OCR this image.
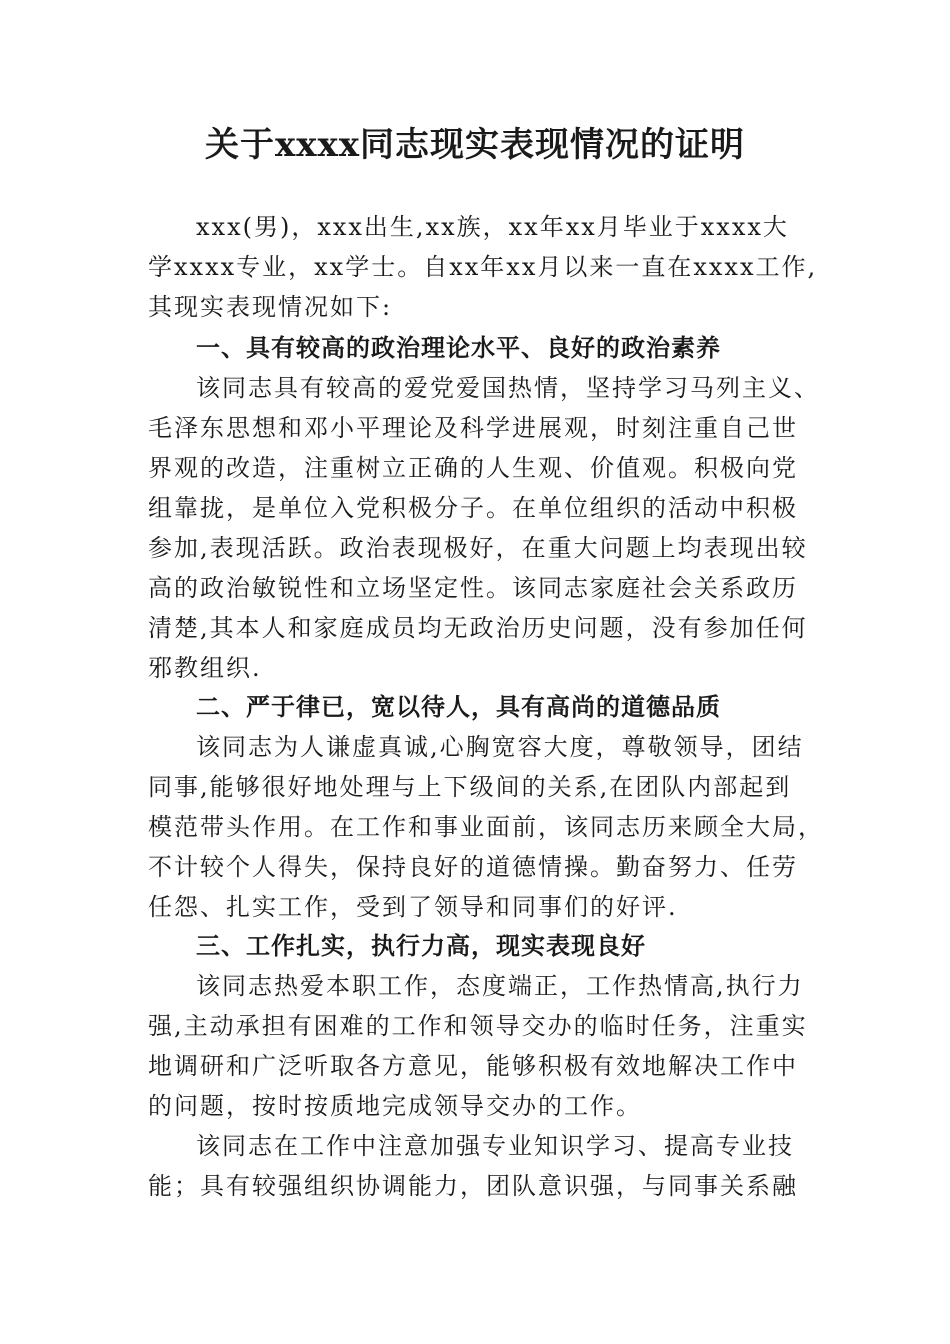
关于xxxx同志现实表现情况的证明
xxx(男)，xxx出生,xx族，xx年xx月毕业于xxxx大
学xxxx专业，xx学士。自xx年xx月以来一直在xxxx工作,
其现实表现情况如下:
一、具有较高的政治理论水平、良好的政治素养
该同志具有较高的爱党爱国热情，坚持学习马列主义、
毛泽东思想和邓小平理论及科学进展观，时刻注重自己世
界观的改造，注重树立正确的人生观、价值观。积极向党
组靠拢，是单位入党积极分子。在单位组织的活动中积极
参加,表现活跃。政治表现极好，在重大问题上均表现出较
高的政治敏锐性和立场坚定性。该同志家庭社会关系政历
清楚,其本人和家庭成员均无政治历史问题，没有参加任何
邪教组织.
二、严于律已，宽以待人，具有高尚的道德品质
该同志为人谦虚真诚,心胸宽容大度，尊敬领导，团结
同事,能够很好地处理与上下级间的关系,在团队内部起到
模范带头作用。在工作和事业面前，该同志历来顾全大局，
不计较个人得失，保持良好的道德情操。勤奋努力、任劳
任怨、扎实工作，受到了领导和同事们的好评.
三、工作扎实，执行力高，现实表现良好
该同志热爱本职工作，态度端正，工作热情高,执行力
强,主动承担有困难的工作和领导交办的临时任务，注重实
地调研和广泛听取各方意见，能够积极有效地解决工作中
的问题，按时按质地完成领导交办的工作。
该同志在工作中注意加强专业知识学习、提高专业技
能；具有较强组织协调能力，团队意识强，与同事关系融
